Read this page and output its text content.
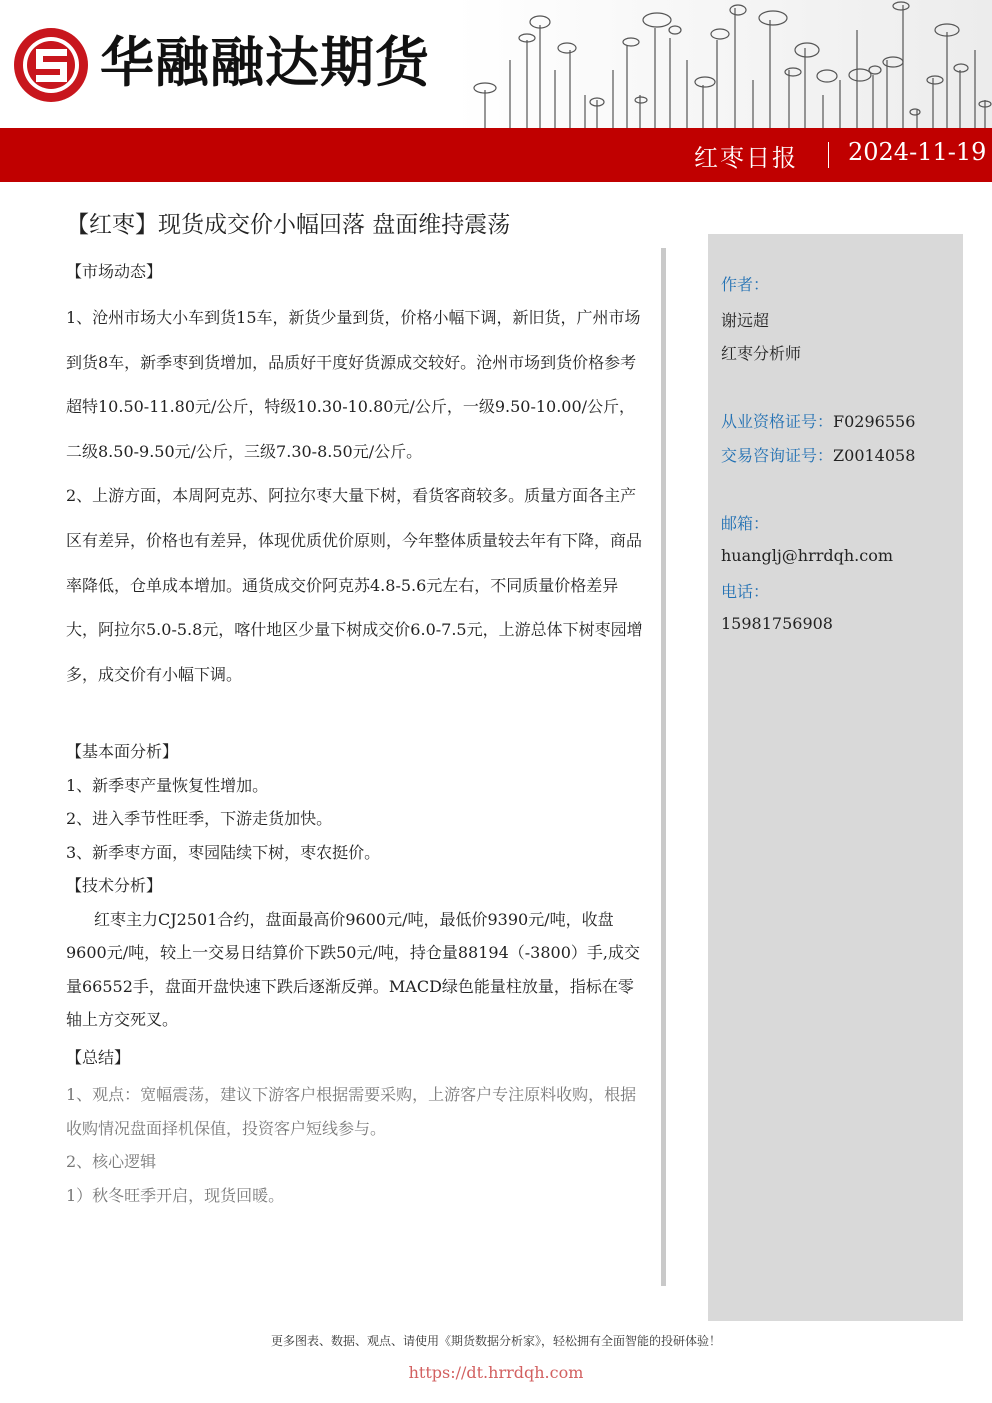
华融融达期货
红枣日报 2024-11-19
【红枣】现货成交价小幅回落 盘面维持震荡

【市场动态】

1、沧州市场大小车到货15车，新货少量到货，价格小幅下调，新旧货，广州市场到货8车，新季枣到货增加，品质好干度好货源成交较好。沧州市场到货价格参考超特10.50-11.80元/公斤，特级10.30-10.80元/公斤，一级9.50-10.00/公斤，二级8.50-9.50元/公斤，三级7.30-8.50元/公斤。

2、上游方面，本周阿克苏、阿拉尔枣大量下树，看货客商较多。质量方面各主产区有差异，价格也有差异，体现优质优价原则，今年整体质量较去年有下降，商品率降低，仓单成本增加。通货成交价阿克苏4.8-5.6元左右，不同质量价格差异大，阿拉尔5.0-5.8元，喀什地区少量下树成交价6.0-7.5元，上游总体下树枣园增多，成交价有小幅下调。

【基本面分析】

1、新季枣产量恢复性增加。

2、进入季节性旺季，下游走货加快。

3、新季枣方面，枣园陆续下树，枣农挺价。

【技术分析】

红枣主力CJ2501合约，盘面最高价9600元/吨，最低价9390元/吨，收盘9600元/吨，较上一交易日结算价下跌50元/吨，持仓量88194（-3800）手,成交量66552手，盘面开盘快速下跌后逐渐反弹。MACD绿色能量柱放量，指标在零轴上方交死叉。

【总结】

1、观点：宽幅震荡，建议下游客户根据需要采购，上游客户专注原料收购，根据收购情况盘面择机保值，投资客户短线参与。

2、核心逻辑

1）秋冬旺季开启，现货回暖。

作者：
谢远超
红枣分析师
从业资格证号：F0296556
交易咨询证号：Z0014058
邮箱：
huanglj@hrrdqh.com
电话：
15981756908
更多图表、数据、观点、请使用《期货数据分析家》，轻松拥有全面智能的投研体验！
https://dt.hrrdqh.com
